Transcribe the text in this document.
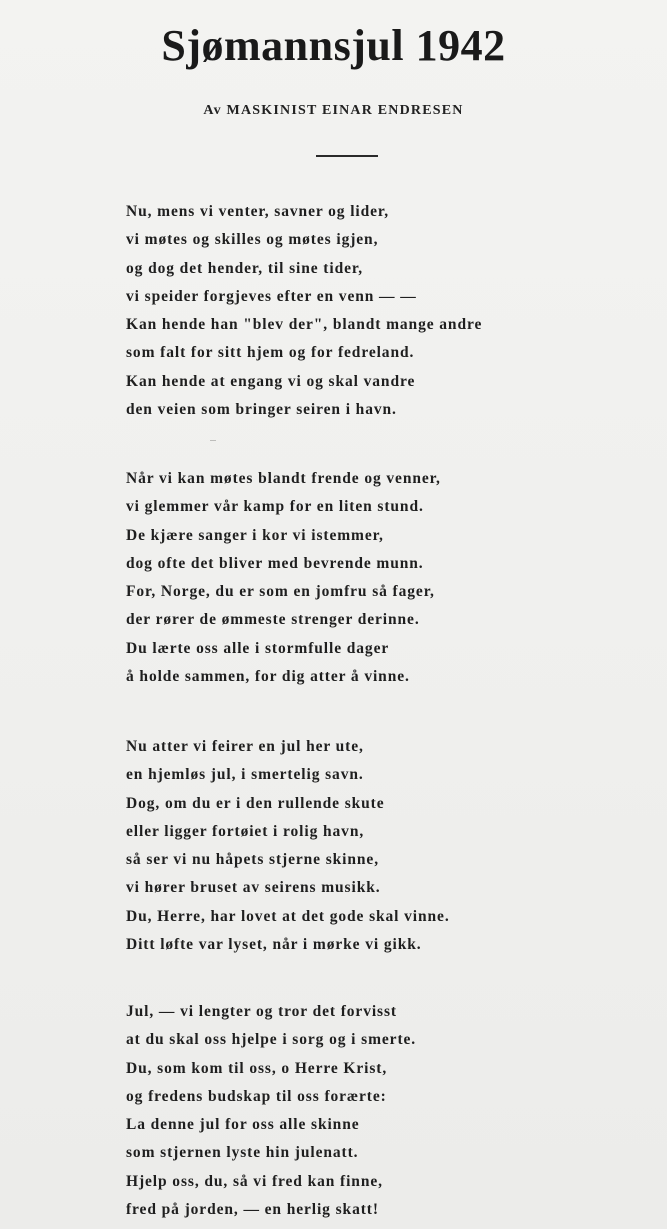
Sjømannsjul 1942
Av MASKINIST EINAR ENDRESEN
Nu, mens vi venter, savner og lider,
vi møtes og skilles og møtes igjen,
og dog det hender, til sine tider,
vi speider forgjeves efter en venn — —
Kan hende han "blev der", blandt mange andre
som falt for sitt hjem og for fedreland.
Kan hende at engang vi og skal vandre
den veien som bringer seiren i havn.
Når vi kan møtes blandt frende og venner,
vi glemmer vår kamp for en liten stund.
De kjære sanger i kor vi istemmer,
dog ofte det bliver med bevrende munn.
For, Norge, du er som en jomfru så fager,
der rører de ømmeste strenger derinne.
Du lærte oss alle i stormfulle dager
å holde sammen, for dig atter å vinne.
Nu atter vi feirer en jul her ute,
en hjemløs jul, i smertelig savn.
Dog, om du er i den rullende skute
eller ligger fortøiet i rolig havn,
så ser vi nu håpets stjerne skinne,
vi hører bruset av seirens musikk.
Du, Herre, har lovet at det gode skal vinne.
Ditt løfte var lyset, når i mørke vi gikk.
Jul, — vi lengter og tror det forvisst
at du skal oss hjelpe i sorg og i smerte.
Du, som kom til oss, o Herre Krist,
og fredens budskap til oss forærte:
La denne jul for oss alle skinne
som stjernen lyste hin julenatt.
Hjelp oss, du, så vi fred kan finne,
fred på jorden, — en herlig skatt!
